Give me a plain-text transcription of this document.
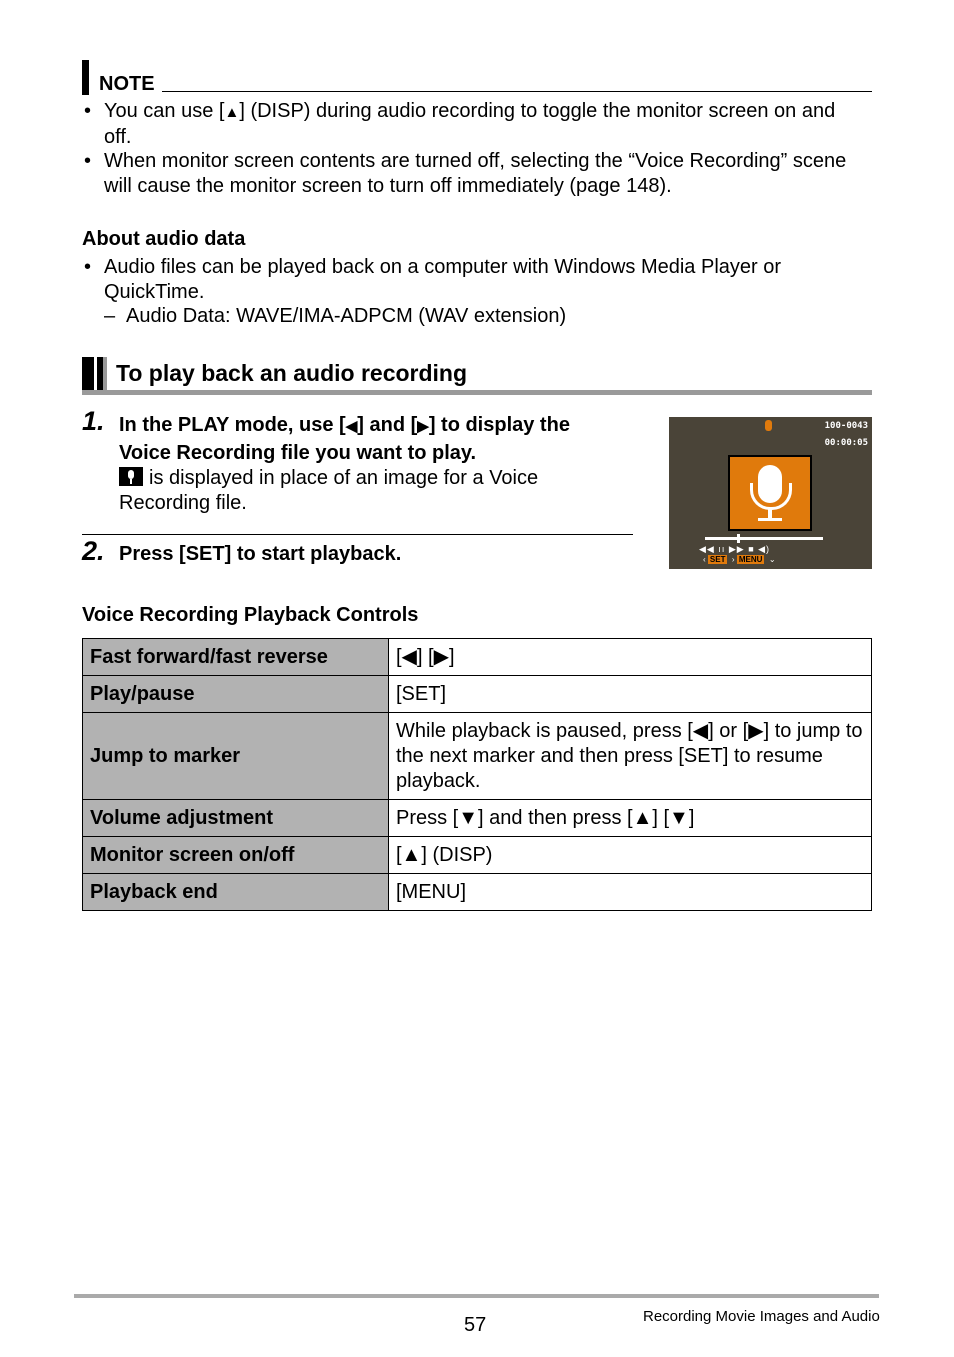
NOTE
• You can use [▲] (DISP) during audio recording to toggle the monitor screen on and off.
• When monitor screen contents are turned off, selecting the “Voice Recording” scene will cause the monitor screen to turn off immediately (page 148).
About audio data
• Audio files can be played back on a computer with Windows Media Player or QuickTime.
– Audio Data: WAVE/IMA-ADPCM (WAV extension)
To play back an audio recording
1. In the PLAY mode, use [◀] and [▶] to display the Voice Recording file you want to play.
is displayed in place of an image for a Voice Recording file.
2. Press [SET] to start playback.
100-0043
00:00:05
◀◀ ıı ▶▶ ■ ◀)
‹ SET › MENU ⌄
Voice Recording Playback Controls
Fast forward/fast reverse	[◀] [▶]
Play/pause	[SET]
Jump to marker	While playback is paused, press [◀] or [▶] to jump to the next marker and then press [SET] to resume playback.
Volume adjustment	Press [▼] and then press [▲] [▼]
Monitor screen on/off	[▲] (DISP)
Playback end	[MENU]
57	Recording Movie Images and Audio
